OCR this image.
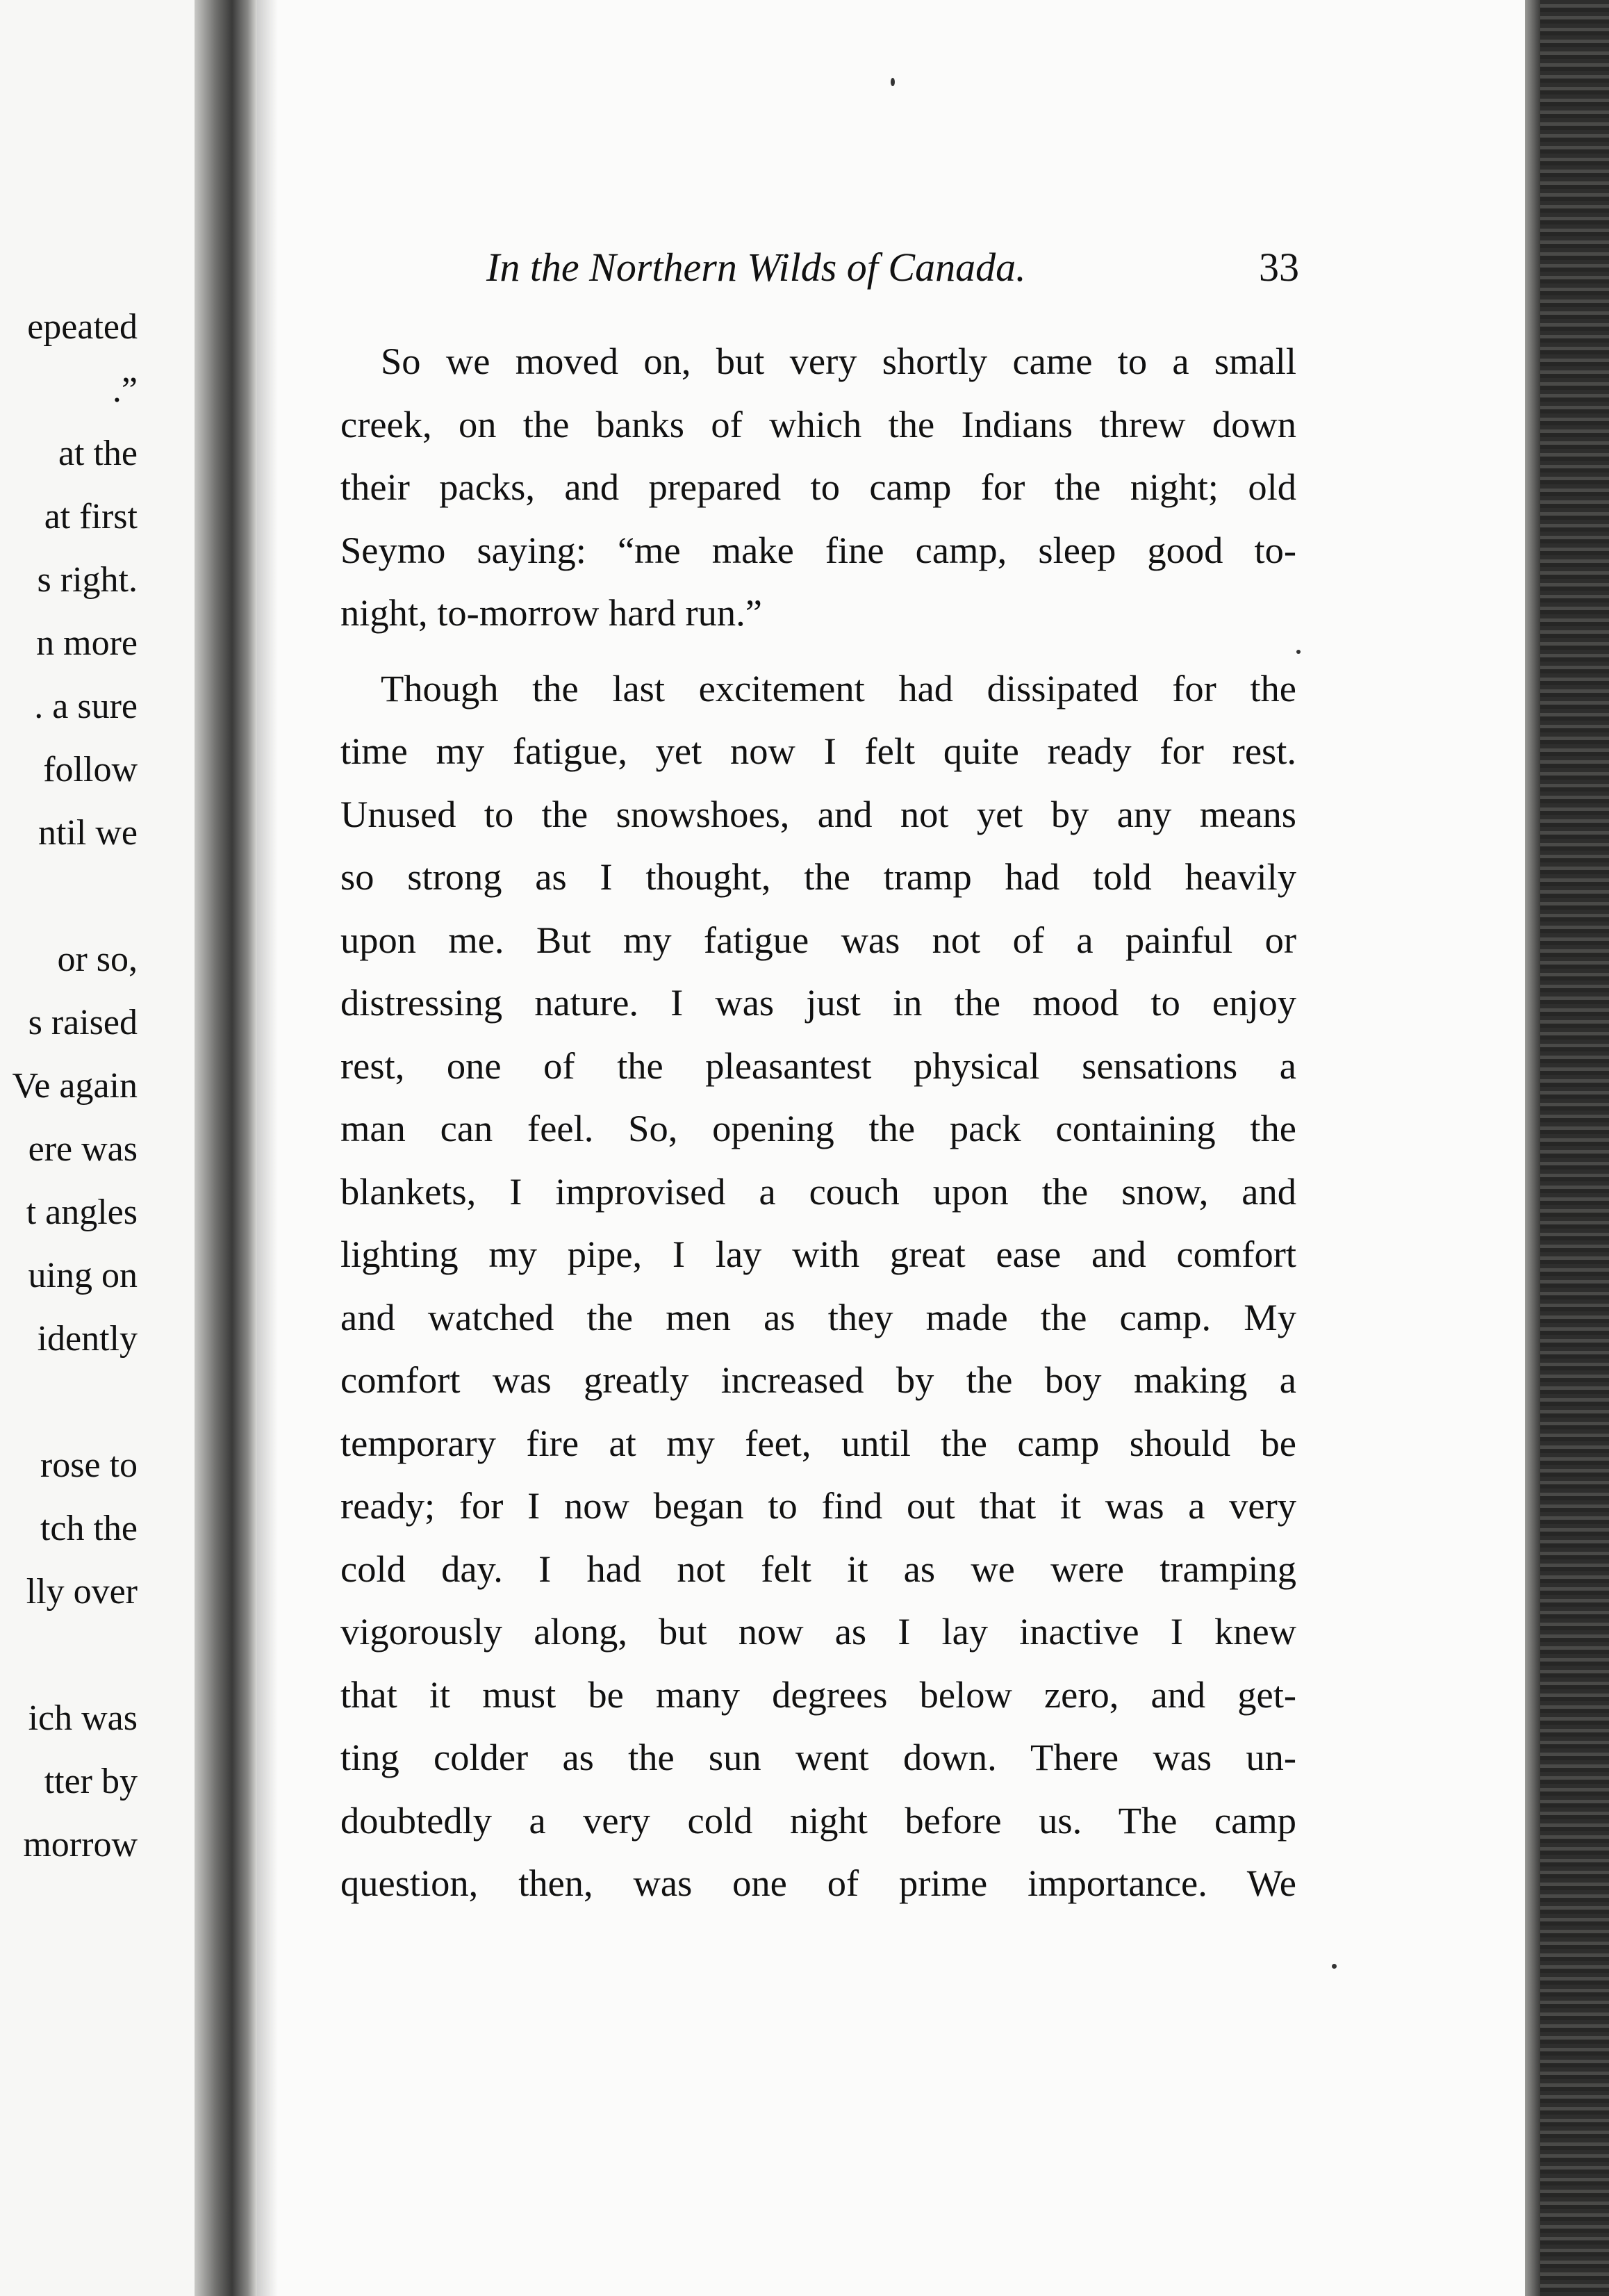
epeated
.”
at the
at first
s right.
n more
. a sure
follow
ntil we
or so,
s raised
Ve again
ere was
t angles
uing on
idently
rose to
tch the
lly over
ich was
tter by
morrow
In the Northern Wilds of Canada.	33

So we moved on, but very shortly came to a small
creek, on the banks of which the Indians threw down
their packs, and prepared to camp for the night; old
Seymo saying: “me make fine camp, sleep good to-
night, to-morrow hard run.”

Though the last excitement had dissipated for the
time my fatigue, yet now I felt quite ready for rest.
Unused to the snowshoes, and not yet by any means
so strong as I thought, the tramp had told heavily
upon me. But my fatigue was not of a painful or
distressing nature. I was just in the mood to enjoy
rest, one of the pleasantest physical sensations a
man can feel. So, opening the pack containing the
blankets, I improvised a couch upon the snow, and
lighting my pipe, I lay with great ease and comfort
and watched the men as they made the camp. My
comfort was greatly increased by the boy making a
temporary fire at my feet, until the camp should be
ready; for I now began to find out that it was a very
cold day. I had not felt it as we were tramping
vigorously along, but now as I lay inactive I knew
that it must be many degrees below zero, and get-
ting colder as the sun went down. There was un-
doubtedly a very cold night before us. The camp
question, then, was one of prime importance. We
